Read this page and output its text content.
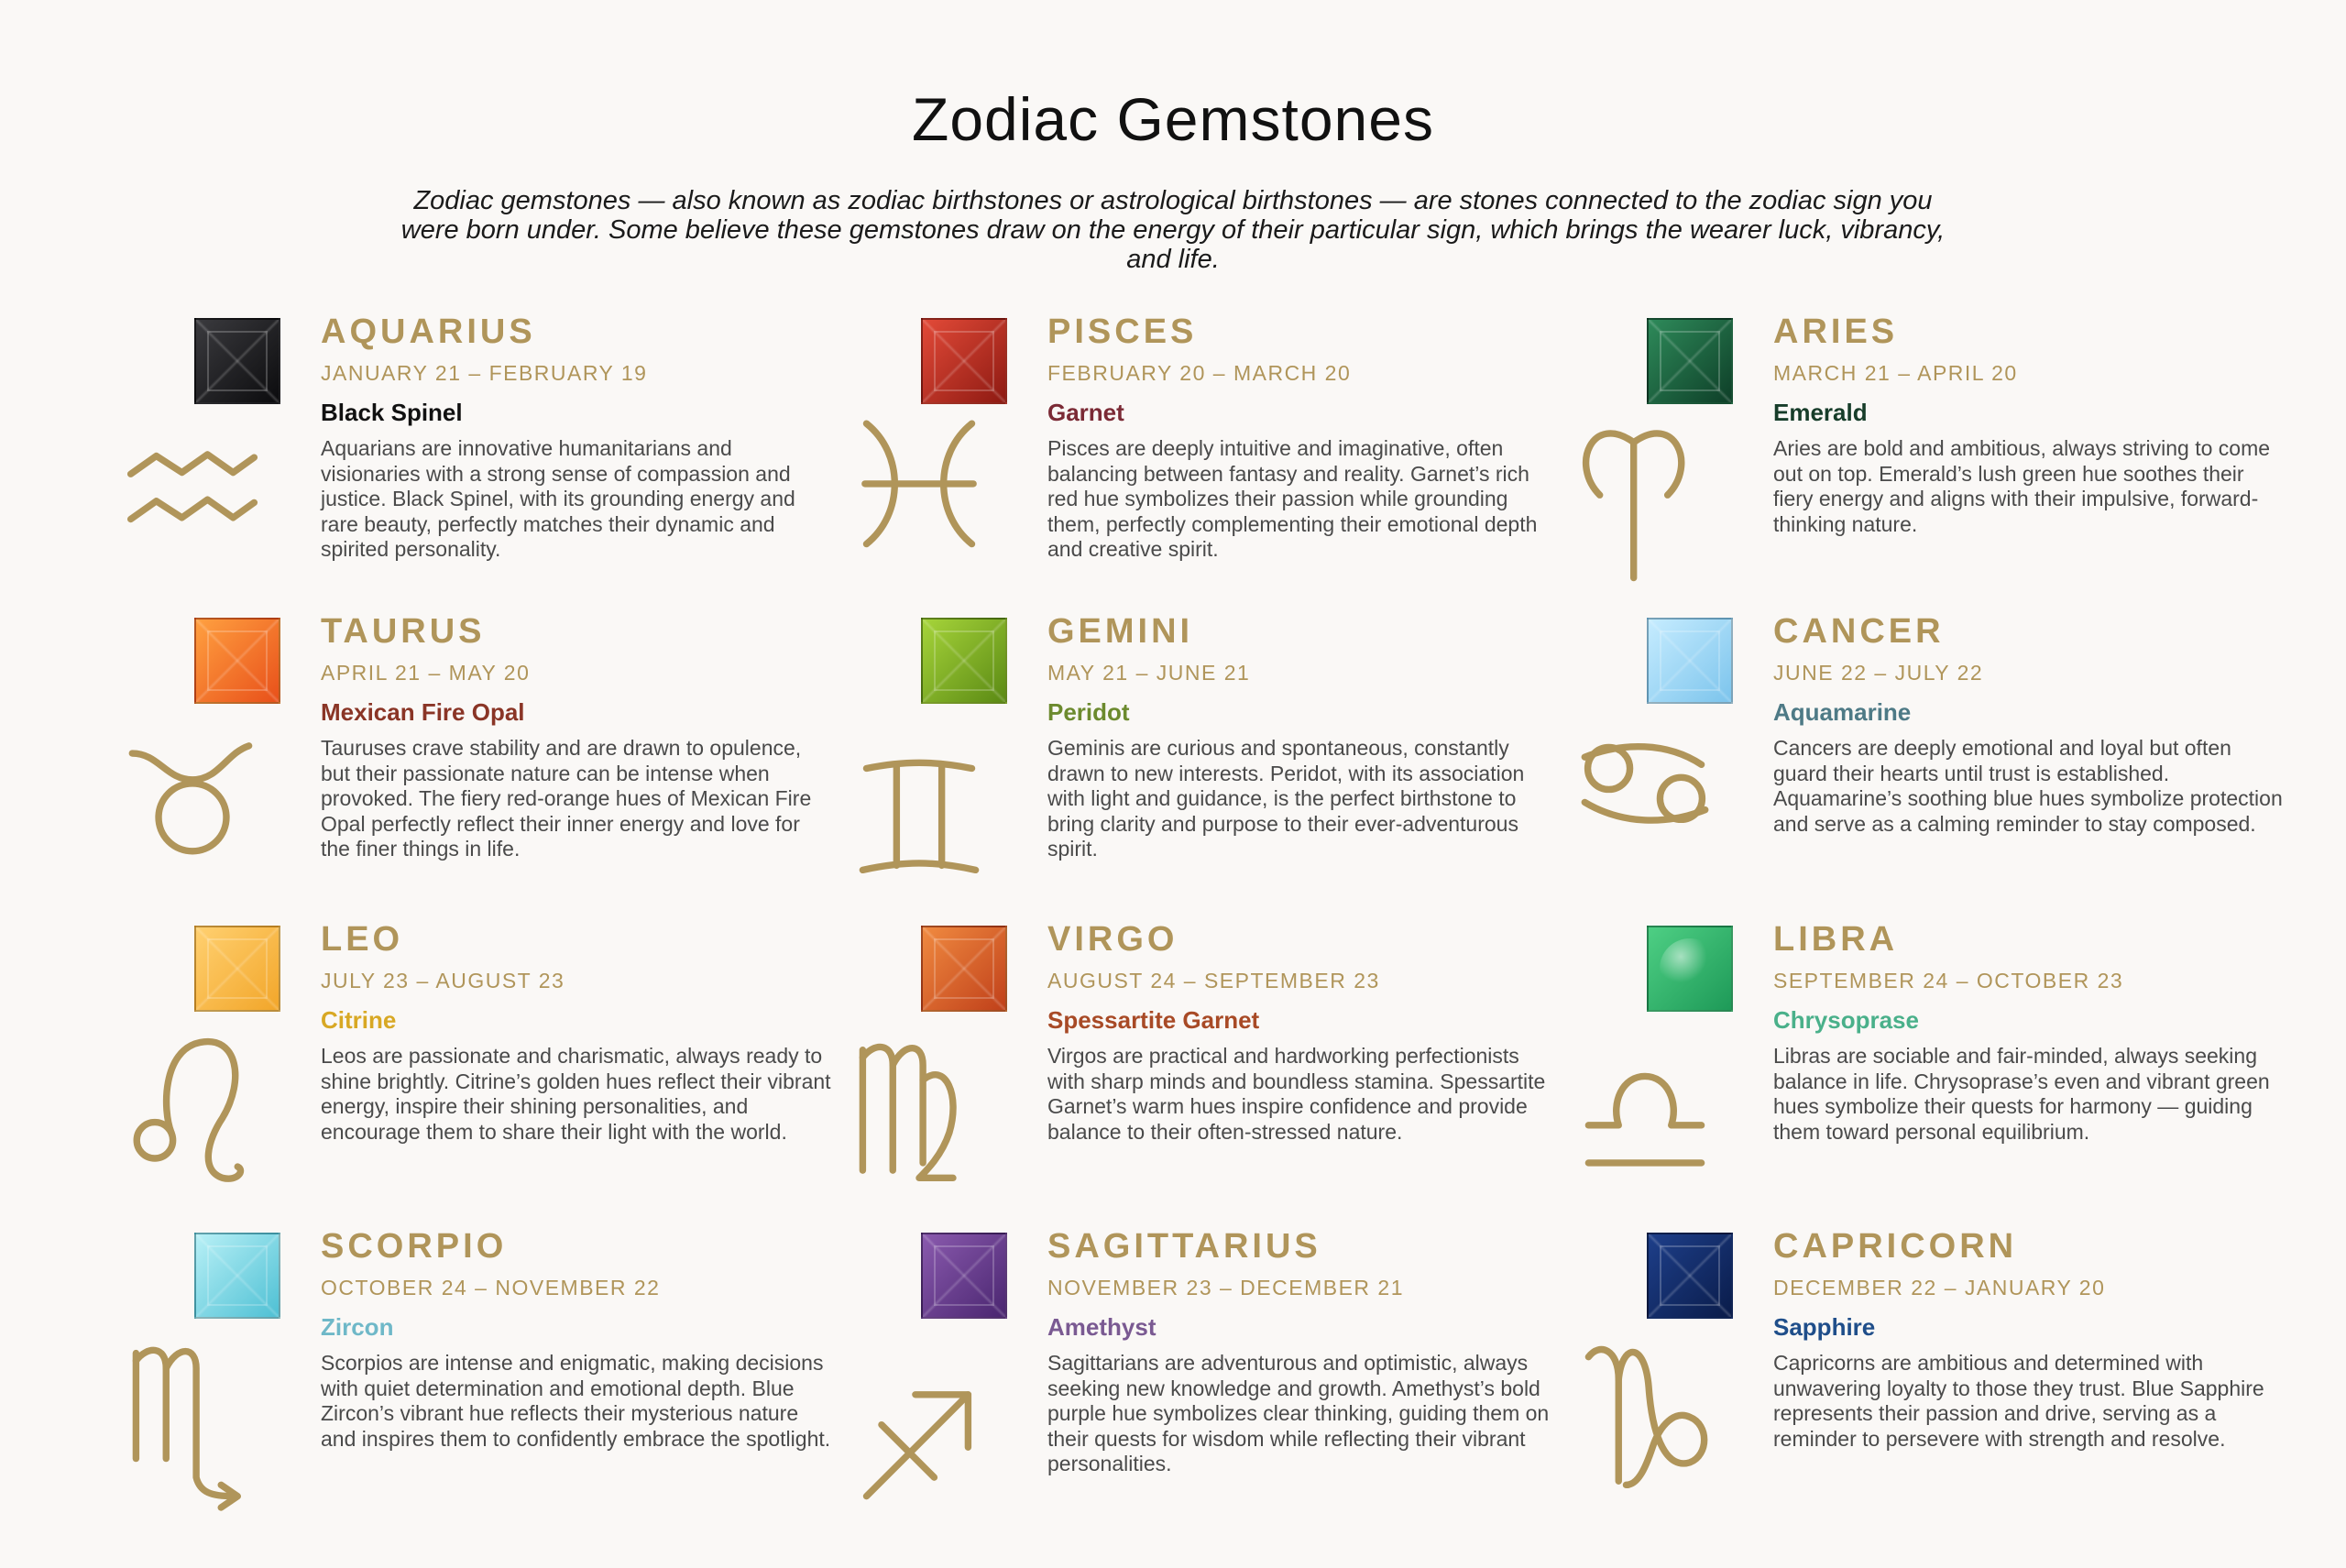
Zodiac Gemstones
Zodiac gemstones — also known as zodiac birthstones or astrological birthstones — are stones connected to the zodiac sign you were born under. Some believe these gemstones draw on the energy of their particular sign, which brings the wearer luck, vibrancy, and life.
AQUARIUS
JANUARY 21 – FEBRUARY 19
Black Spinel
Aquarians are innovative humanitarians and visionaries with a strong sense of compassion and justice. Black Spinel, with its grounding energy and rare beauty, perfectly matches their dynamic and spirited personality.
PISCES
FEBRUARY 20 – MARCH 20
Garnet
Pisces are deeply intuitive and imaginative, often balancing between fantasy and reality. Garnet’s rich red hue symbolizes their passion while grounding them, perfectly complementing their emotional depth and creative spirit.
ARIES
MARCH 21 – APRIL 20
Emerald
Aries are bold and ambitious, always striving to come out on top. Emerald’s lush green hue soothes their fiery energy and aligns with their impulsive, forward-thinking nature.
TAURUS
APRIL 21 – MAY 20
Mexican Fire Opal
Tauruses crave stability and are drawn to opulence, but their passionate nature can be intense when provoked. The fiery red-orange hues of Mexican Fire Opal perfectly reflect their inner energy and love for the finer things in life.
GEMINI
MAY 21 – JUNE 21
Peridot
Geminis are curious and spontaneous, constantly drawn to new interests. Peridot, with its association with light and guidance, is the perfect birthstone to bring clarity and purpose to their ever-adventurous spirit.
CANCER
JUNE 22 – JULY 22
Aquamarine
Cancers are deeply emotional and loyal but often guard their hearts until trust is established. Aquamarine’s soothing blue hues symbolize protection and serve as a calming reminder to stay composed.
LEO
JULY 23 – AUGUST 23
Citrine
Leos are passionate and charismatic, always ready to shine brightly. Citrine’s golden hues reflect their vibrant energy, inspire their shining personalities, and encourage them to share their light with the world.
VIRGO
AUGUST 24 – SEPTEMBER 23
Spessartite Garnet
Virgos are practical and hardworking perfectionists with sharp minds and boundless stamina. Spessartite Garnet’s warm hues inspire confidence and provide balance to their often-stressed nature.
LIBRA
SEPTEMBER 24 – OCTOBER 23
Chrysoprase
Libras are sociable and fair-minded, always seeking balance in life. Chrysoprase’s even and vibrant green hues symbolize their quests for harmony — guiding them toward personal equilibrium.
SCORPIO
OCTOBER 24 – NOVEMBER 22
Zircon
Scorpios are intense and enigmatic, making decisions with quiet determination and emotional depth. Blue Zircon’s vibrant hue reflects their mysterious nature and inspires them to confidently embrace the spotlight.
SAGITTARIUS
NOVEMBER 23 – DECEMBER 21
Amethyst
Sagittarians are adventurous and optimistic, always seeking new knowledge and growth. Amethyst’s bold purple hue symbolizes clear thinking, guiding them on their quests for wisdom while reflecting their vibrant personalities.
CAPRICORN
DECEMBER 22 – JANUARY 20
Sapphire
Capricorns are ambitious and determined with unwavering loyalty to those they trust. Blue Sapphire represents their passion and drive, serving as a reminder to persevere with strength and resolve.
